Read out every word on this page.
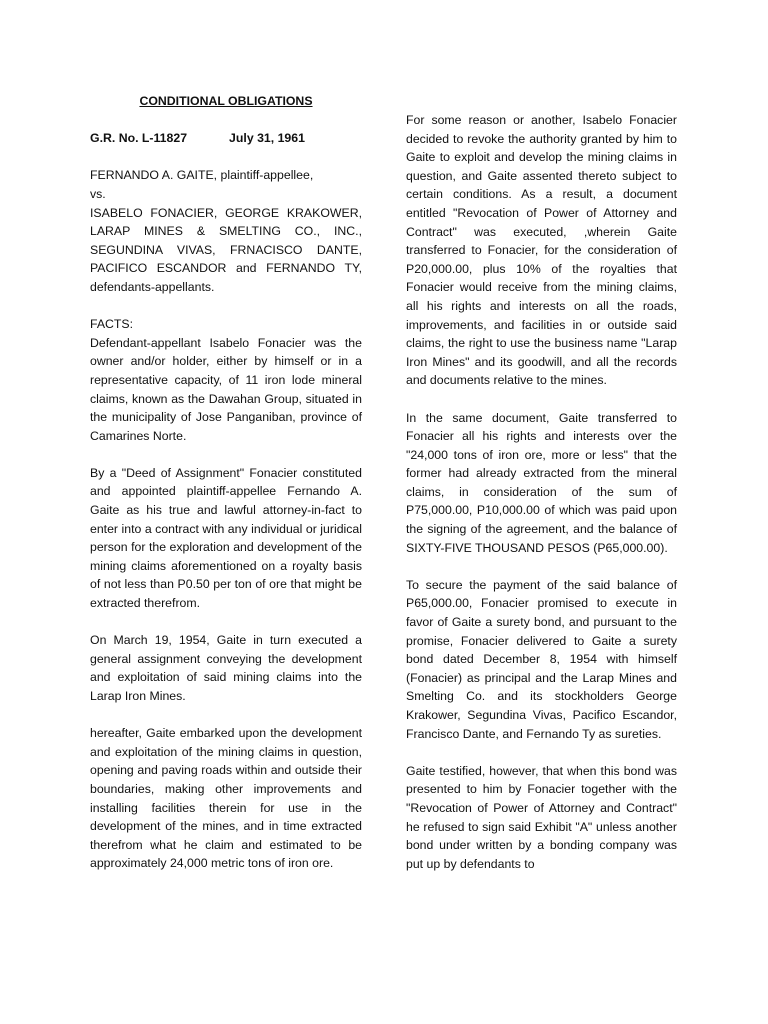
CONDITIONAL OBLIGATIONS
G.R. No. L-11827	July 31, 1961
FERNANDO A. GAITE, plaintiff-appellee,
vs.
ISABELO FONACIER, GEORGE KRAKOWER,
LARAP MINES & SMELTING CO., INC.,
SEGUNDINA VIVAS, FRNACISCO DANTE,
PACIFICO ESCANDOR and FERNANDO TY,
defendants-appellants.
FACTS:

Defendant-appellant Isabelo Fonacier was the owner and/or holder, either by himself or in a representative capacity, of 11 iron lode mineral claims, known as the Dawahan Group, situated in the municipality of Jose Panganiban, province of Camarines Norte.

By a "Deed of Assignment" Fonacier constituted and appointed plaintiff-appellee Fernando A. Gaite as his true and lawful attorney-in-fact to enter into a contract with any individual or juridical person for the exploration and development of the mining claims aforementioned on a royalty basis of not less than P0.50 per ton of ore that might be extracted therefrom.

On March 19, 1954, Gaite in turn executed a general assignment conveying the development and exploitation of said mining claims into the Larap Iron Mines.

hereafter, Gaite embarked upon the development and exploitation of the mining claims in question, opening and paving roads within and outside their boundaries, making other improvements and installing facilities therein for use in the development of the mines, and in time extracted therefrom what he claim and estimated to be approximately 24,000 metric tons of iron ore.

For some reason or another, Isabelo Fonacier decided to revoke the authority granted by him to Gaite to exploit and develop the mining claims in question, and Gaite assented thereto subject to certain conditions. As a result, a document entitled "Revocation of Power of Attorney and Contract" was executed, ,wherein Gaite transferred to Fonacier, for the consideration of P20,000.00, plus 10% of the royalties that Fonacier would receive from the mining claims, all his rights and interests on all the roads, improvements, and facilities in or outside said claims, the right to use the business name "Larap Iron Mines" and its goodwill, and all the records and documents relative to the mines.

In the same document, Gaite transferred to Fonacier all his rights and interests over the "24,000 tons of iron ore, more or less" that the former had already extracted from the mineral claims, in consideration of the sum of P75,000.00, P10,000.00 of which was paid upon the signing of the agreement, and the balance of SIXTY-FIVE THOUSAND PESOS (P65,000.00).

To secure the payment of the said balance of P65,000.00, Fonacier promised to execute in favor of Gaite a surety bond, and pursuant to the promise, Fonacier delivered to Gaite a surety bond dated December 8, 1954 with himself (Fonacier) as principal and the Larap Mines and Smelting Co. and its stockholders George Krakower, Segundina Vivas, Pacifico Escandor, Francisco Dante, and Fernando Ty as sureties.

Gaite testified, however, that when this bond was presented to him by Fonacier together with the "Revocation of Power of Attorney and Contract" he refused to sign said Exhibit "A" unless another bond under written by a bonding company was put up by defendants to
